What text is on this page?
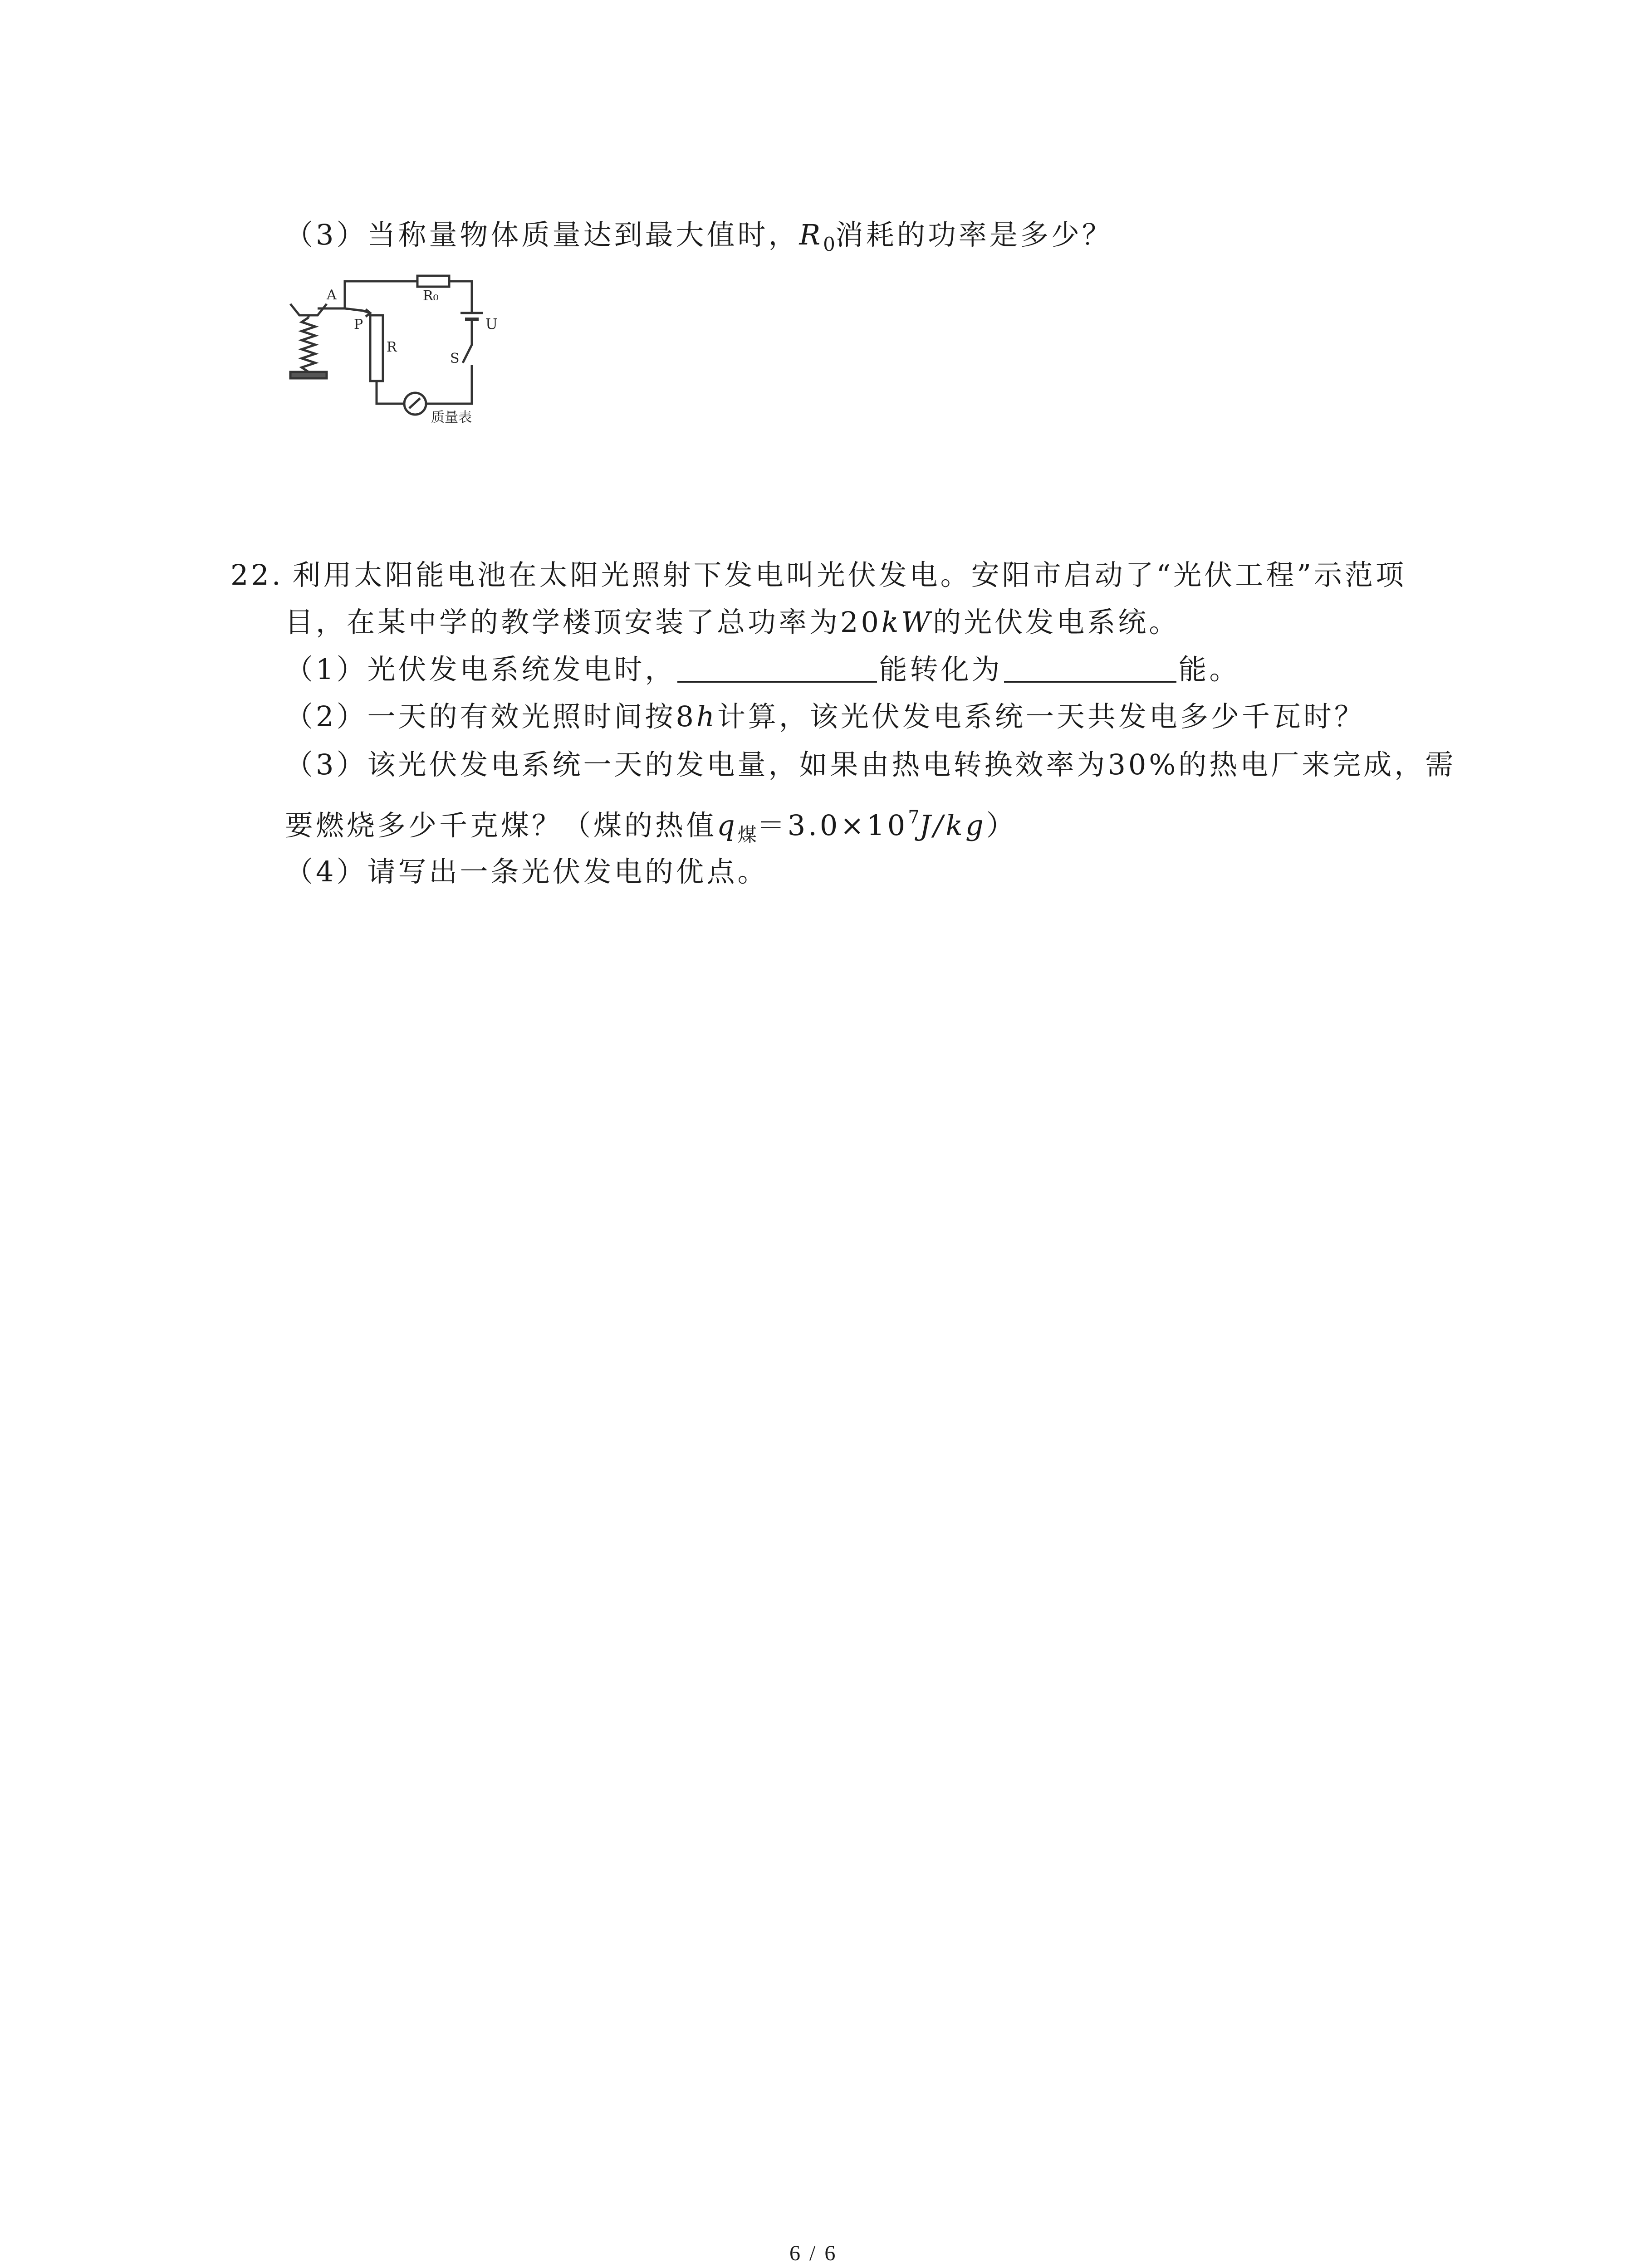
（3）当称量物体质量达到最大值时，$R_0$消耗的功率是多少？
A
P
R
R₀
U
S
质量表
22. 利用太阳能电池在太阳光照射下发电叫光伏发电。安阳市启动了“光伏工程”示范项
目，在某中学的教学楼顶安装了总功率为20kW的光伏发电系统。
（1）光伏发电系统发电时，	能转化为	能。
（2）一天的有效光照时间按8h计算，该光伏发电系统一天共发电多少千瓦时？
（3）该光伏发电系统一天的发电量，如果由热电转换效率为30%的热电厂来完成，需
要燃烧多少千克煤？（煤的热值$q_煤=3.0\times 10^7J/kg$）
（4）请写出一条光伏发电的优点。
6 / 6
